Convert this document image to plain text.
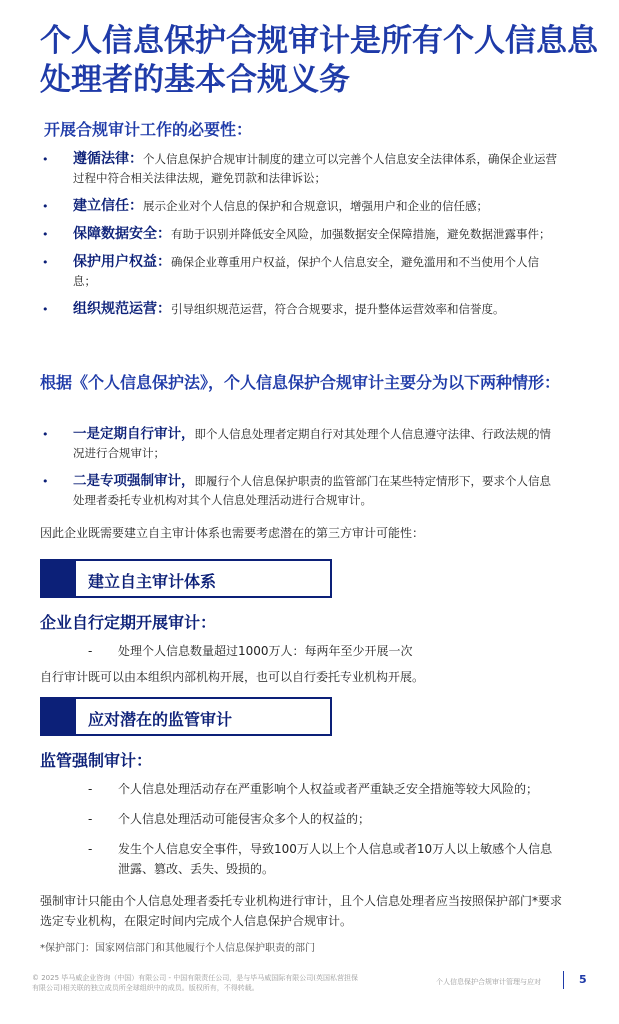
个人信息保护合规审计是所有个人信息息处理者的基本合规义务
开展合规审计工作的必要性：
• 遵循法律：个人信息保护合规审计制度的建立可以完善个人信息安全法律体系，确保企业运营过程中符合相关法律法规，避免罚款和法律诉讼；
• 建立信任：展示企业对个人信息的保护和合规意识，增强用户和企业的信任感；
• 保障数据安全：有助于识别并降低安全风险，加强数据安全保障措施，避免数据泄露事件；
• 保护用户权益：确保企业尊重用户权益，保护个人信息安全，避免滥用和不当使用个人信息；
• 组织规范运营：引导组织规范运营，符合合规要求，提升整体运营效率和信誉度。
根据《个人信息保护法》，个人信息保护合规审计主要分为以下两种情形：
• 一是定期自行审计，即个人信息处理者定期自行对其处理个人信息遵守法律、行政法规的情况进行合规审计；
• 二是专项强制审计，即履行个人信息保护职责的监管部门在某些特定情形下，要求个人信息处理者委托专业机构对其个人信息处理活动进行合规审计。
因此企业既需要建立自主审计体系也需要考虑潜在的第三方审计可能性：
建立自主审计体系
企业自行定期开展审计：
- 处理个人信息数量超过1000万人：每两年至少开展一次
自行审计既可以由本组织内部机构开展，也可以自行委托专业机构开展。
应对潜在的监管审计
监管强制审计：
- 个人信息处理活动存在严重影响个人权益或者严重缺乏安全措施等较大风险的；
- 个人信息处理活动可能侵害众多个人的权益的；
- 发生个人信息安全事件，导致100万人以上个人信息或者10万人以上敏感个人信息泄露、篡改、丢失、毁损的。
强制审计只能由个人信息处理者委托专业机构进行审计，且个人信息处理者应当按照保护部门*要求选定专业机构，在限定时间内完成个人信息保护合规审计。
*保护部门：国家网信部门和其他履行个人信息保护职责的部门
© 2025 毕马威企业咨询（中国）有限公司 - 中国有限责任公司，是与毕马威国际有限公司(英国私营担保有限公司)相关联的独立成员所全球组织中的成员。版权所有，不得转载。
个人信息保护合规审计管理与应对	5
